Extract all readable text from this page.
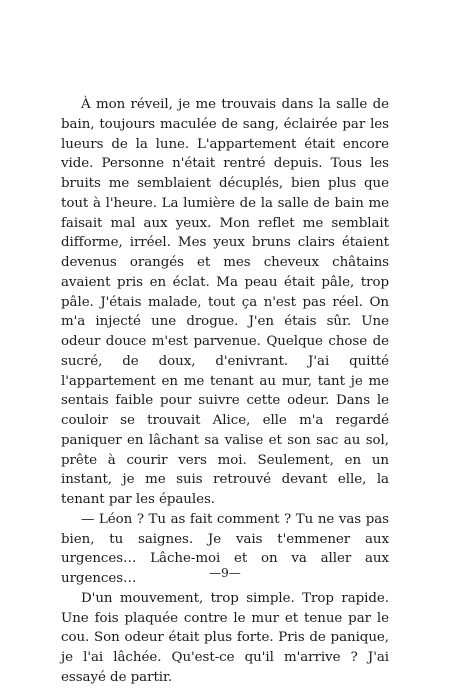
À mon réveil, je me trouvais dans la salle de bain, toujours maculée de sang, éclairée par les lueurs de la lune. L'appartement était encore vide. Personne n'était rentré depuis. Tous les bruits me semblaient décuplés, bien plus que tout à l'heure. La lumière de la salle de bain me faisait mal aux yeux. Mon reflet me semblait difforme, irréel. Mes yeux bruns clairs étaient devenus orangés et mes cheveux châtains avaient pris en éclat. Ma peau était pâle, trop pâle. J'étais malade, tout ça n'est pas réel. On m'a injecté une drogue. J'en étais sûr. Une odeur douce m'est parvenue. Quelque chose de sucré, de doux, d'enivrant. J'ai quitté l'appartement en me tenant au mur, tant je me sentais faible pour suivre cette odeur. Dans le couloir se trouvait Alice, elle m'a regardé paniquer en lâchant sa valise et son sac au sol, prête à courir vers moi. Seulement, en un instant, je me suis retrouvé devant elle, la tenant par les épaules.

— Léon ? Tu as fait comment ? Tu ne vas pas bien, tu saignes. Je vais t'emmener aux urgences… Lâche-moi et on va aller aux urgences…

D'un mouvement, trop simple. Trop rapide. Une fois plaquée contre le mur et tenue par le cou. Son odeur était plus forte. Pris de panique, je l'ai lâchée. Qu'est-ce qu'il m'arrive ? J'ai essayé de partir.

—9—
